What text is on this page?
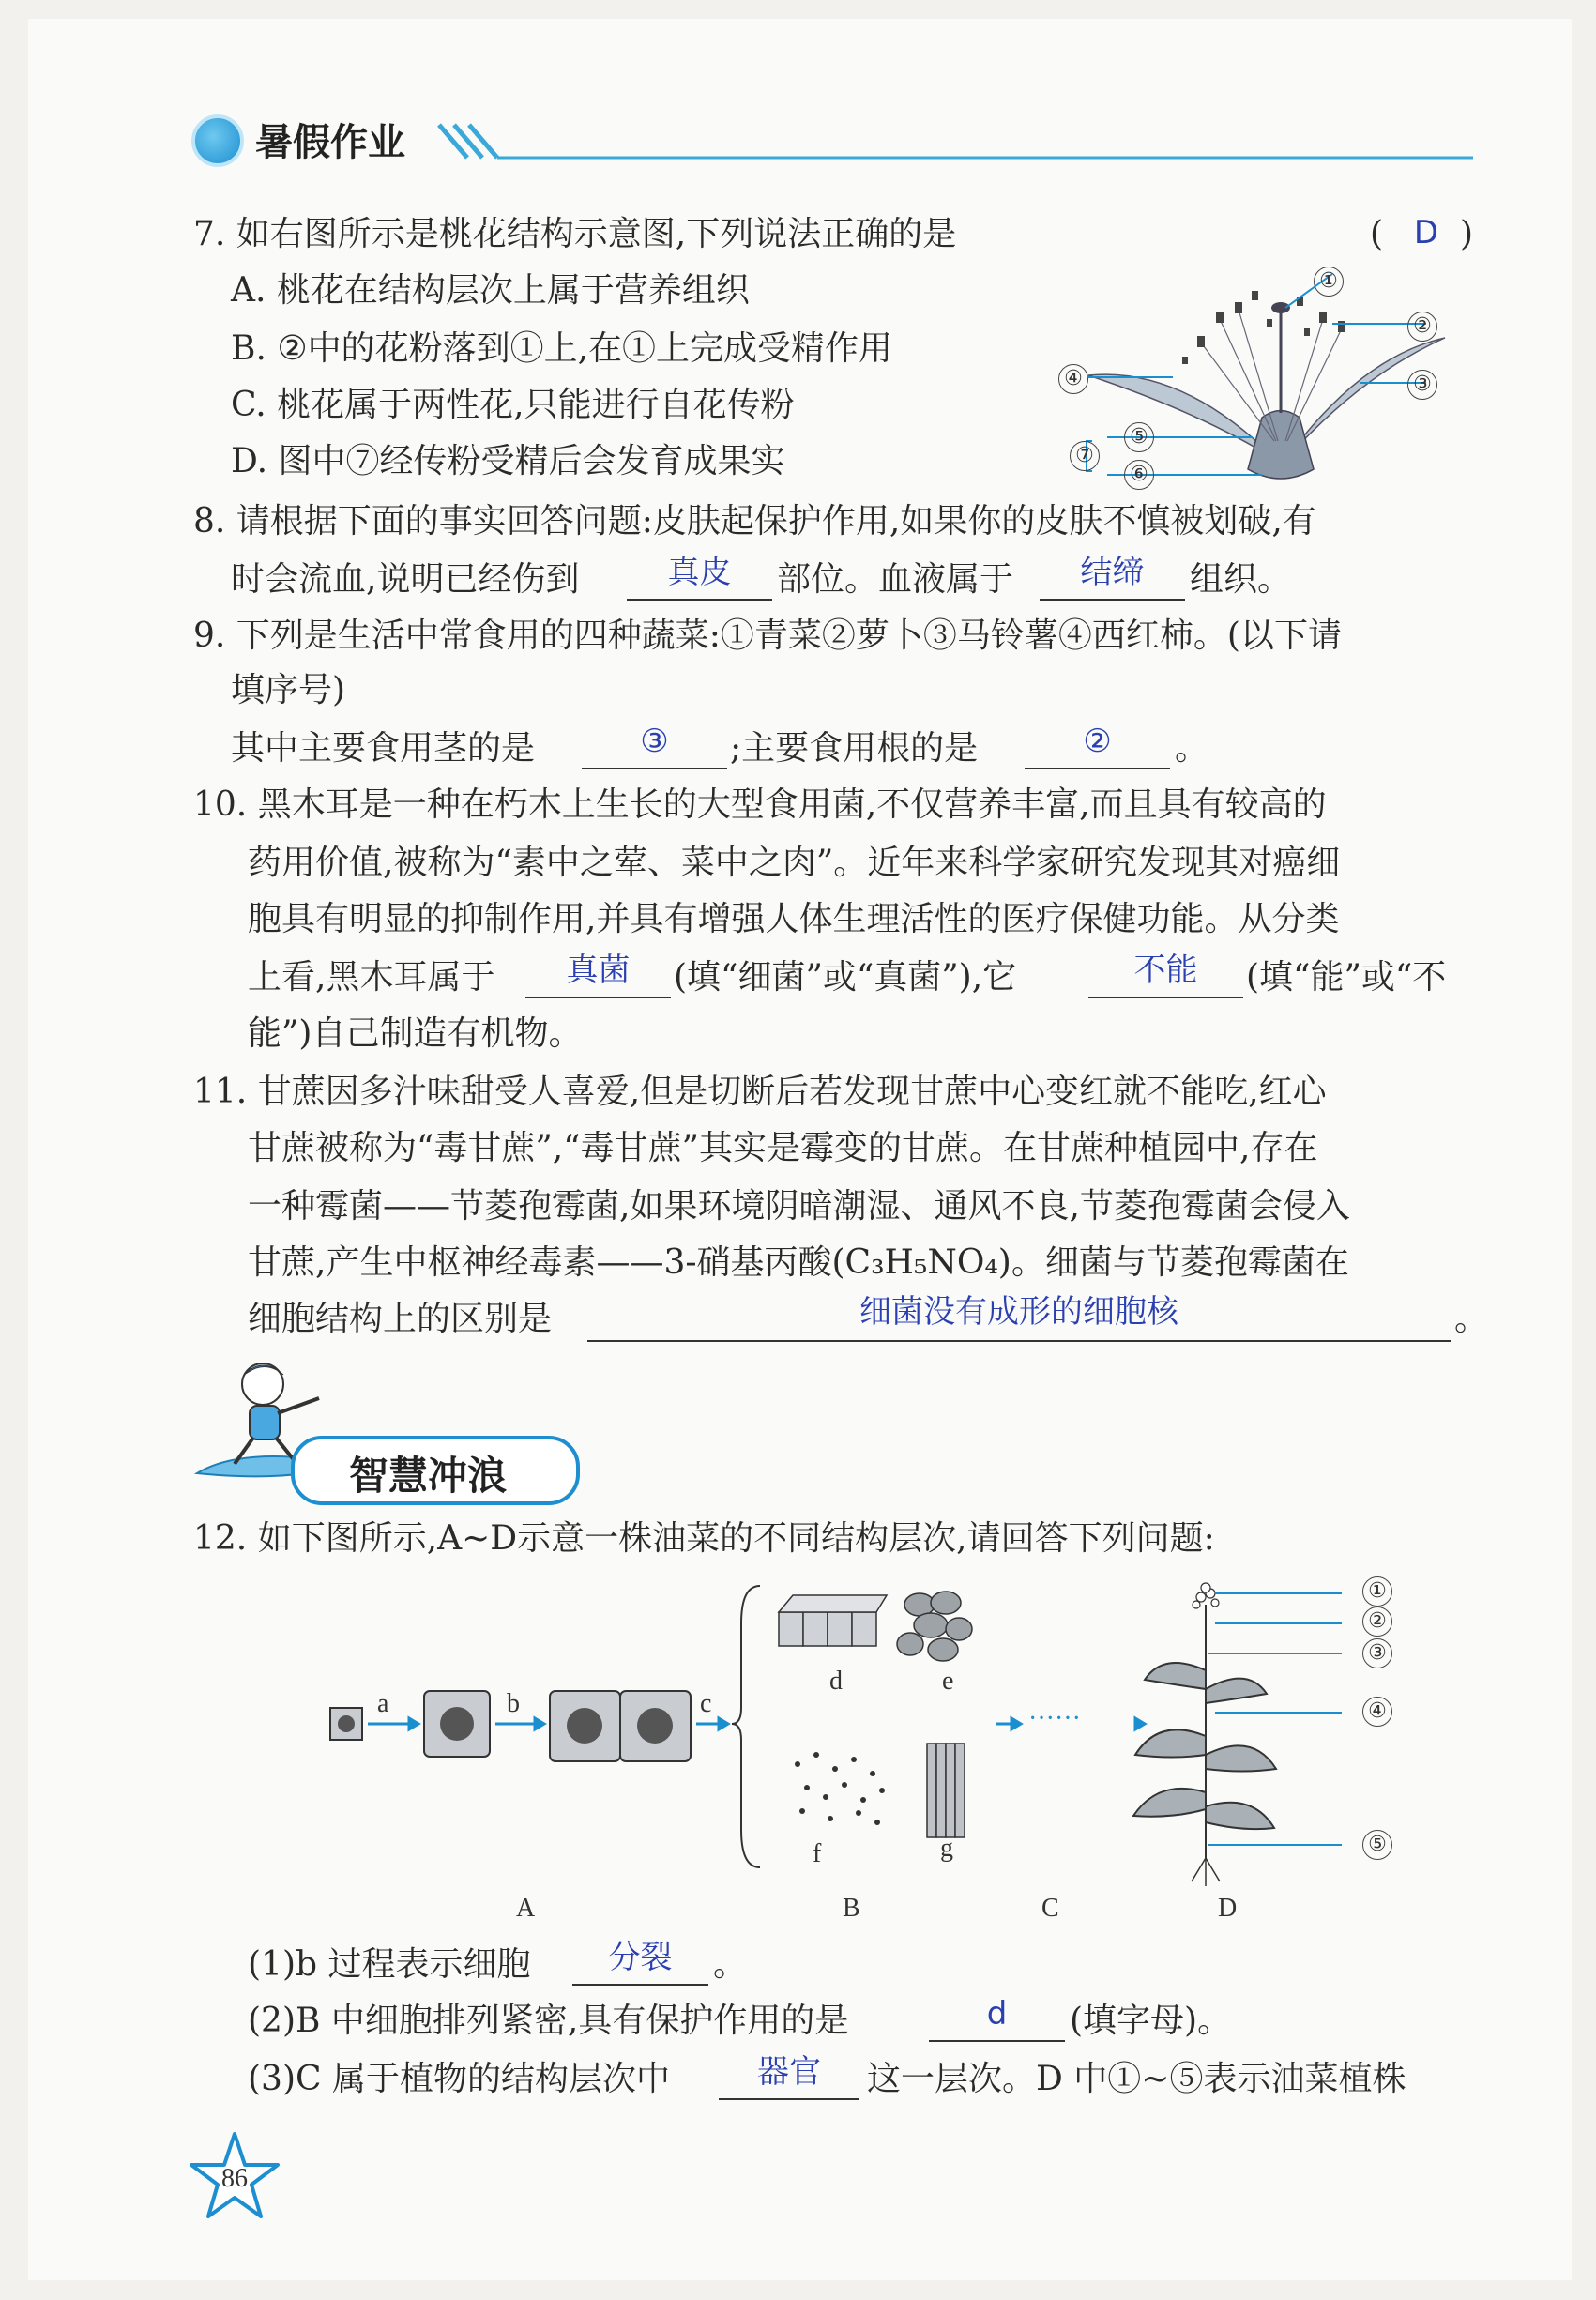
暑假作业
7. 如右图所示是桃花结构示意图,下列说法正确的是	( D )
A. 桃花在结构层次上属于营养组织
B. ②中的花粉落到①上,在①上完成受精作用
C. 桃花属于两性花,只能进行自花传粉
D. 图中⑦经传粉受精后会发育成果实
①
②
③
④
⑤
⑥
⑦
8. 请根据下面的事实回答问题:皮肤起保护作用,如果你的皮肤不慎被划破,有
时会流血,说明已经伤到	真皮	部位。血液属于	结缔	组织。
9. 下列是生活中常食用的四种蔬菜:①青菜②萝卜③马铃薯④西红柿。(以下请
填序号)
其中主要食用茎的是	③	;主要食用根的是	②	。
10. 黑木耳是一种在朽木上生长的大型食用菌,不仅营养丰富,而且具有较高的
药用价值,被称为“素中之荤、菜中之肉”。近年来科学家研究发现其对癌细
胞具有明显的抑制作用,并具有增强人体生理活性的医疗保健功能。从分类
上看,黑木耳属于	真菌	(填“细菌”或“真菌”),它	不能	(填“能”或“不
能”)自己制造有机物。
11. 甘蔗因多汁味甜受人喜爱,但是切断后若发现甘蔗中心变红就不能吃,红心
甘蔗被称为“毒甘蔗”,“毒甘蔗”其实是霉变的甘蔗。在甘蔗种植园中,存在
一种霉菌——节菱孢霉菌,如果环境阴暗潮湿、通风不良,节菱孢霉菌会侵入
甘蔗,产生中枢神经毒素——3-硝基丙酸(C₃H₅NO₄)。细菌与节菱孢霉菌在
细胞结构上的区别是	细菌没有成形的细胞核	。
智慧冲浪
12. 如下图所示,A~D示意一株油菜的不同结构层次,请回答下列问题:
a	b	c
d	e
f	g
······
①
②
③
④
⑤
A	B	C	D
(1)b 过程表示细胞	分裂	。
(2)B 中细胞排列紧密,具有保护作用的是	d	(填字母)。
(3)C 属于植物的结构层次中	器官	这一层次。D 中①~⑤表示油菜植株
86
